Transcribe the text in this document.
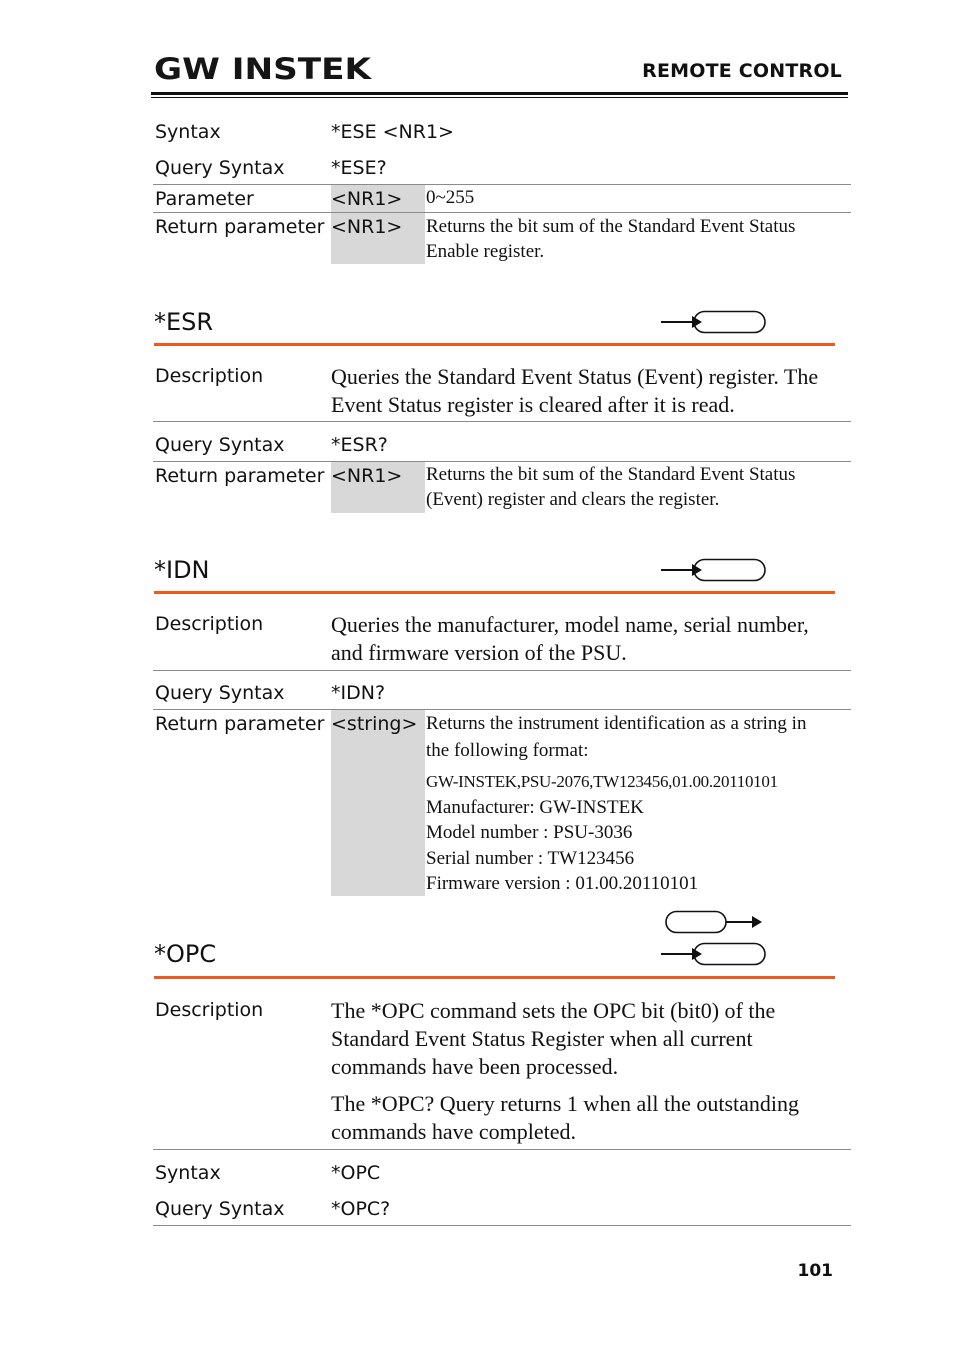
GW INSTEK	REMOTE CONTROL
Syntax	*ESE <NR1>
Query Syntax *ESE?
Parameter	<NR1> 0~255
Return parameter <NR1> Returns the bit sum of the Standard Event Status Enable register.
*ESR
Description	Queries the Standard Event Status (Event) register. The Event Status register is cleared after it is read.
Query Syntax *ESR?
Return parameter <NR1> Returns the bit sum of the Standard Event Status (Event) register and clears the register.
*IDN
Description	Queries the manufacturer, model name, serial number, and firmware version of the PSU.
Query Syntax *IDN?
Return parameter <string> Returns the instrument identification as a string in the following format:
GW-INSTEK,PSU-2076,TW123456,01.00.20110101
Manufacturer: GW-INSTEK
Model number : PSU-3036
Serial number : TW123456
Firmware version : 01.00.20110101
*OPC
Description	The *OPC command sets the OPC bit (bit0) of the Standard Event Status Register when all current commands have been processed.
The *OPC? Query returns 1 when all the outstanding commands have completed.
Syntax	*OPC
Query Syntax *OPC?
101
